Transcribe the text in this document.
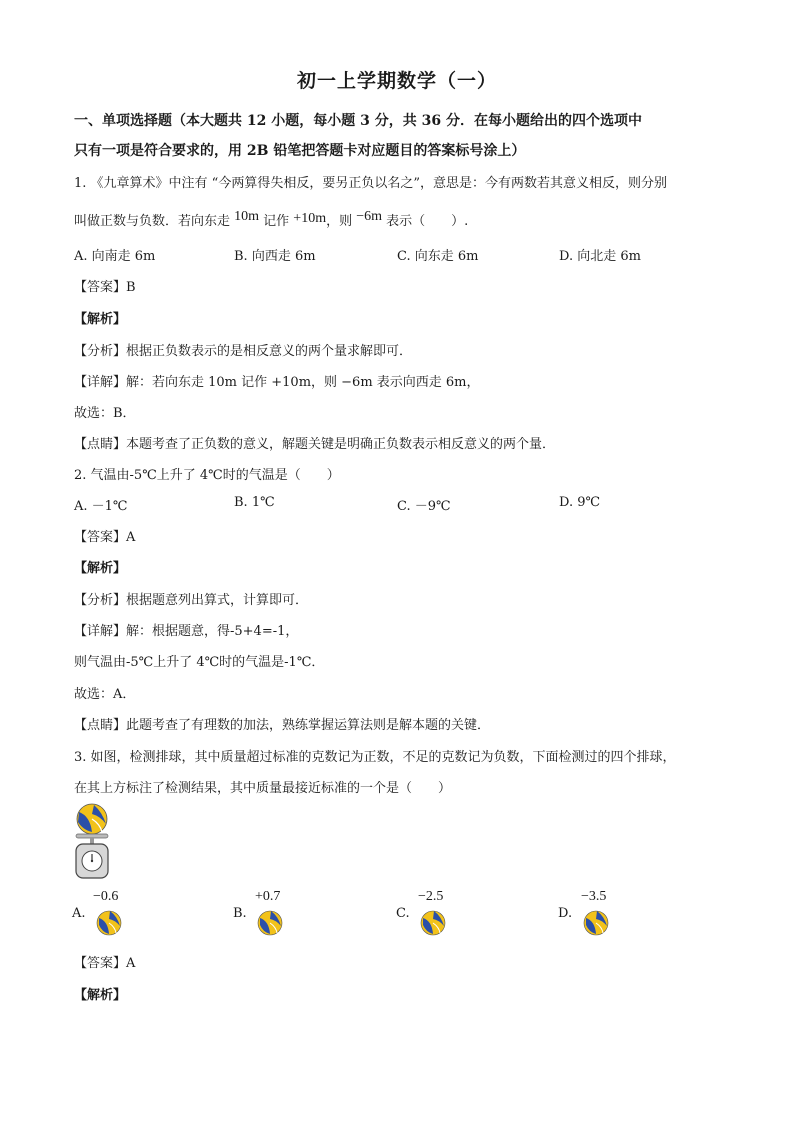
初一上学期数学（一）
一、单项选择题（本大题共 12 小题，每小题 3 分，共 36 分．在每小题给出的四个选项中
只有一项是符合要求的，用 2B 铅笔把答题卡对应题目的答案标号涂上）
1. 《九章算术》中注有 “今两算得失相反，要另正负以名之”，意思是：今有两数若其意义相反，则分别
叫做正数与负数．若向东走 10m 记作 +10m，则 −6m 表示（　　）.
A. 向南走 6m	B. 向西走 6m	C. 向东走 6m	D. 向北走 6m
【答案】B
【解析】
【分析】根据正负数表示的是相反意义的两个量求解即可．
【详解】解：若向东走 10m 记作 +10m，则 −6m 表示向西走 6m，
故选：B．
【点睛】本题考查了正负数的意义，解题关键是明确正负数表示相反意义的两个量．
2. 气温由-5℃上升了 4℃时的气温是（　　）
A. －1℃	B. 1℃	C. －9℃	D. 9℃
【答案】A
【解析】
【分析】根据题意列出算式，计算即可．
【详解】解：根据题意，得-5+4=-1，
则气温由-5℃上升了 4℃时的气温是-1℃．
故选：A．
【点睛】此题考查了有理数的加法，熟练掌握运算法则是解本题的关键．
3. 如图，检测排球，其中质量超过标准的克数记为正数，不足的克数记为负数，下面检测过的四个排球，
在其上方标注了检测结果，其中质量最接近标准的一个是（　　）
A.
−0.6
B.
+0.7
C.
−2.5
D.
−3.5
【答案】A
【解析】
